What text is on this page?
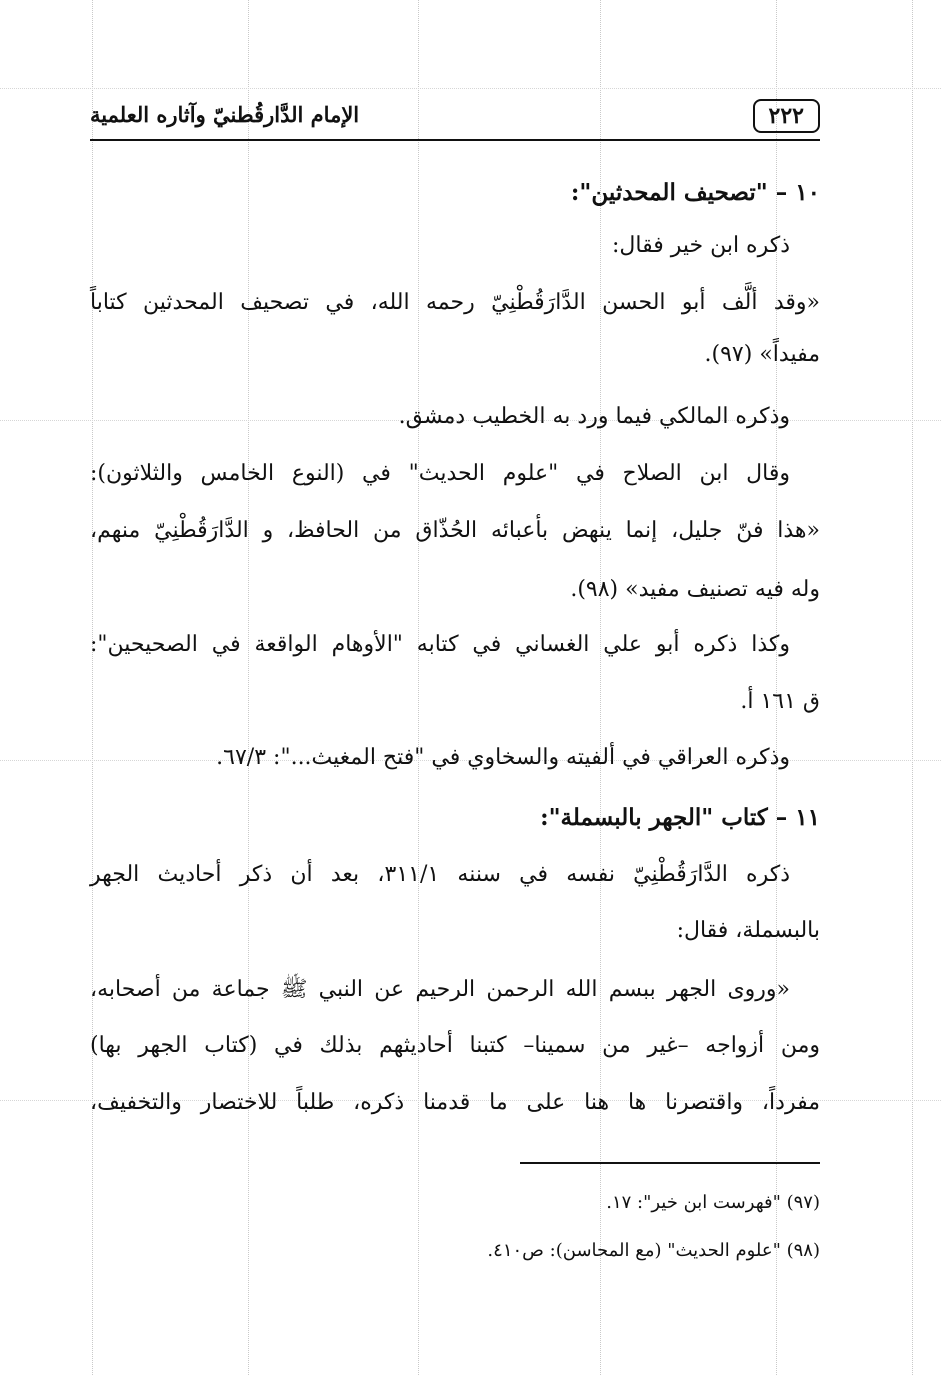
٢٢٢
الإمام الدَّارقُطنيّ وآثاره العلمية
١٠ – "تصحيف المحدثين":
ذكره ابن خير فقال:
«وقد ألَّف أبو الحسن الدَّارَقُطْنِيّ رحمه الله، في تصحيف المحدثين كتاباً
مفيداً» (٩٧).
وذكره المالكي فيما ورد به الخطيب دمشق.
وقال ابن الصلاح في "علوم الحديث" في (النوع الخامس والثلاثون):
«هذا فنّ جليل، إنما ينهض بأعبائه الحُذّاق من الحافظ، و الدَّارَقُطْنِيّ منهم،
وله فيه تصنيف مفيد» (٩٨).
وكذا ذكره أبو علي الغساني في كتابه "الأوهام الواقعة في الصحيحين":
ق ١٦١ أ.
وذكره العراقي في ألفيته والسخاوي في "فتح المغيث...": ٦٧/٣.
١١ – كتاب "الجهر بالبسملة":
ذكره الدَّارَقُطْنِيّ نفسه في سننه ٣١١/١، بعد أن ذكر أحاديث الجهر
بالبسملة، فقال:
«وروى الجهر ببسم الله الرحمن الرحيم عن النبي ﷺ جماعة من أصحابه،
ومن أزواجه –غير من سمينا– كتبنا أحاديثهم بذلك في (كتاب الجهر بها)
مفرداً، واقتصرنا ها هنا على ما قدمنا ذكره، طلباً للاختصار والتخفيف،
(٩٧) "فهرست ابن خير": ١٧.
(٩٨) "علوم الحديث" (مع المحاسن): ص٤١٠.
